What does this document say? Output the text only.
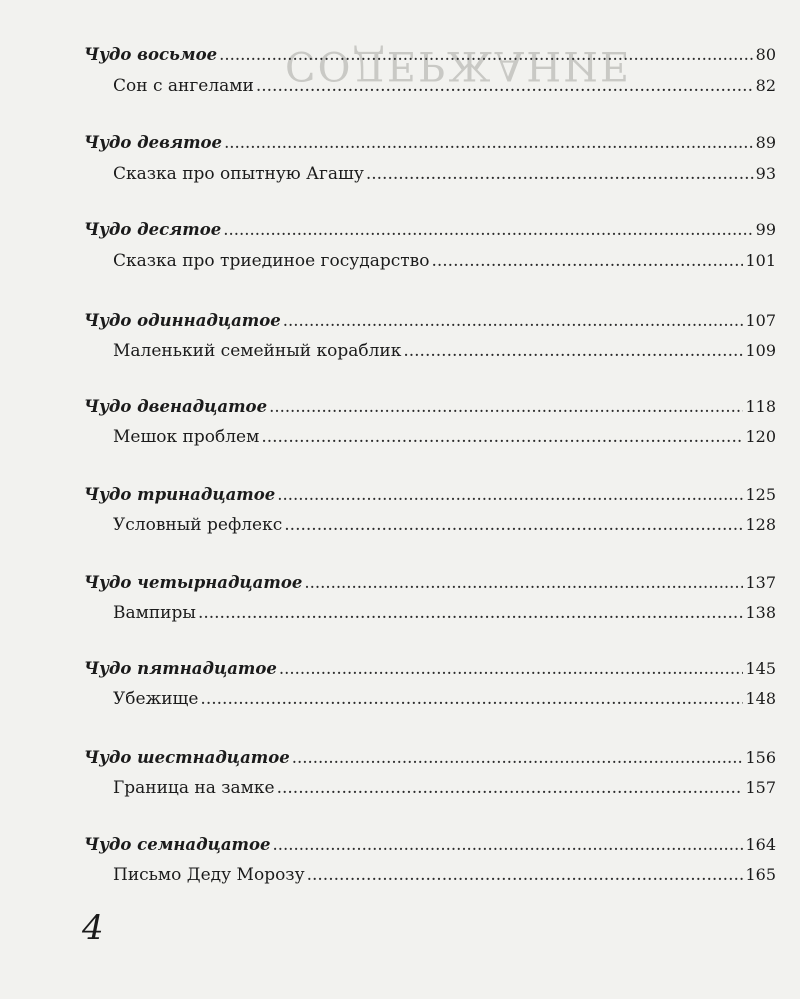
СОДЕРЖАНИЕ
Чудо восьмое .....	80
Сон с ангелами .....	82
Чудо девятое .....	89
Сказка про опытную Агашу .....	93
Чудо десятое .....	99
Сказка про триединое государство .....	101
Чудо одиннадцатое .....	107
Маленький семейный кораблик .....	109
Чудо двенадцатое .....	118
Мешок проблем .....	120
Чудо тринадцатое .....	125
Условный рефлекс .....	128
Чудо четырнадцатое .....	137
Вампиры .....	138
Чудо пятнадцатое .....	145
Убежище .....	148
Чудо шестнадцатое .....	156
Граница на замке .....	157
Чудо семнадцатое .....	164
Письмо Деду Морозу .....	165
4
